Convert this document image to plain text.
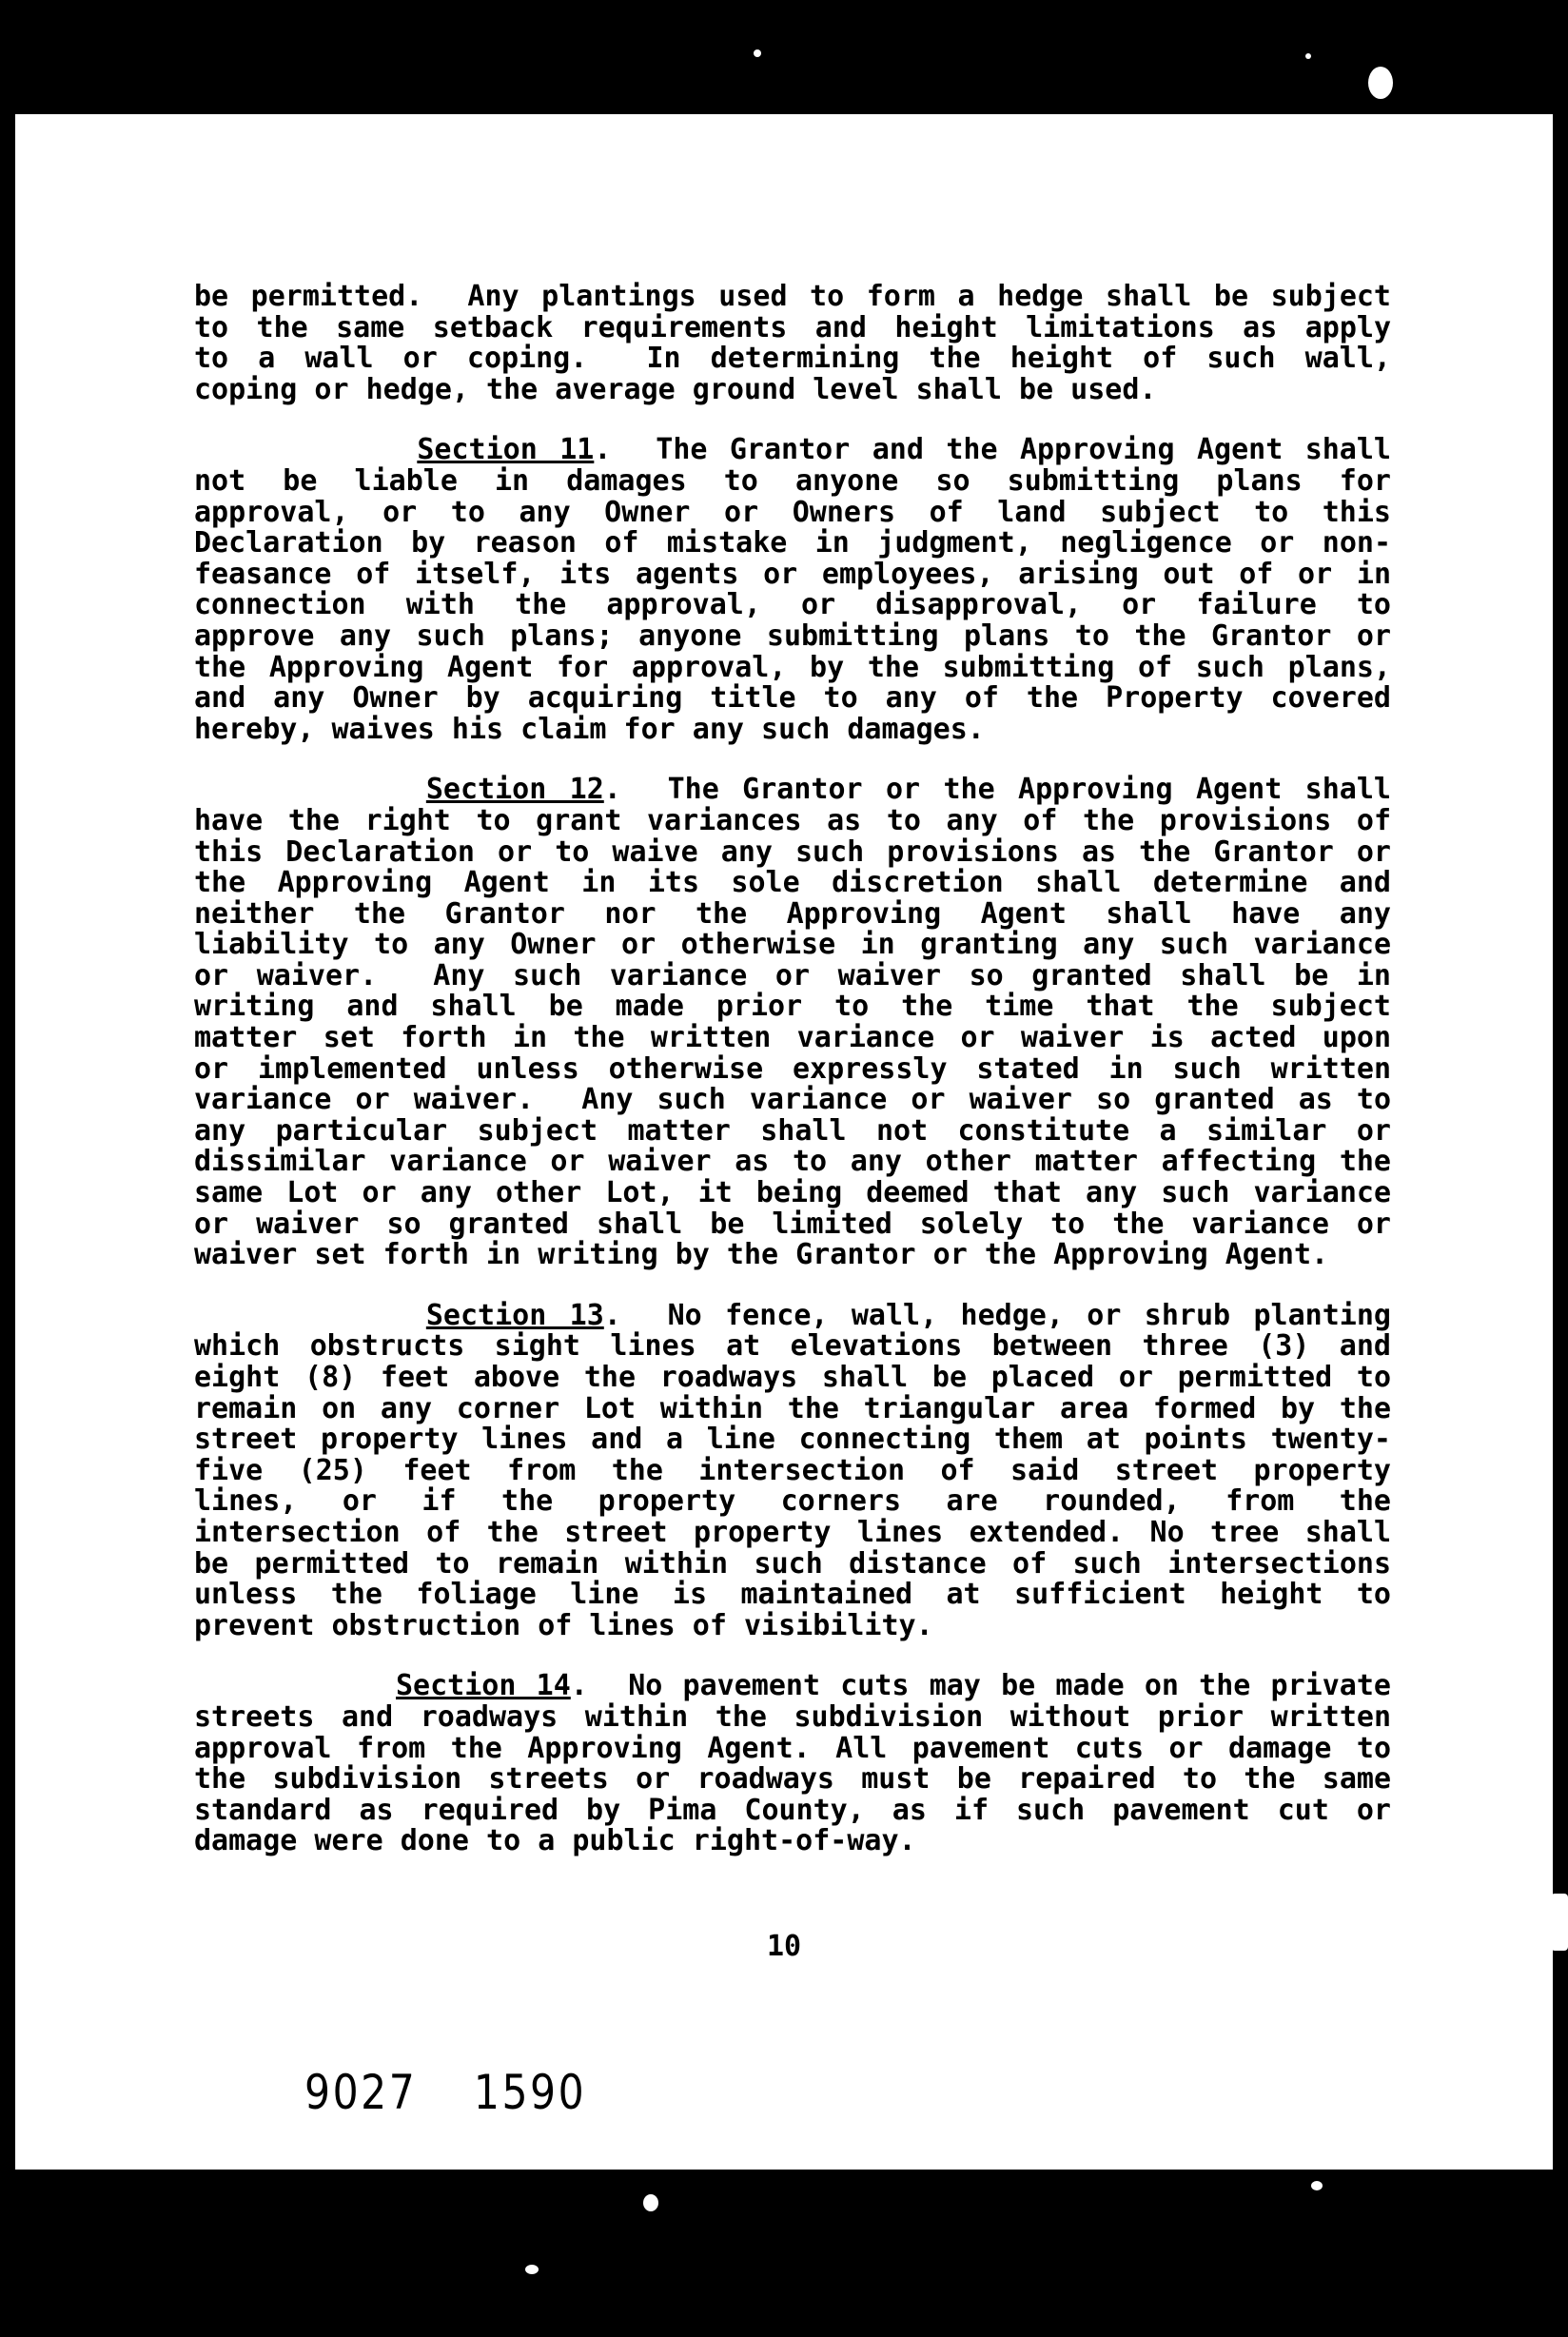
be permitted.  Any plantings used to form a hedge shall be subject
to the same setback requirements and height limitations as apply
to a wall or coping.  In determining the height of such wall,
coping or hedge, the average ground level shall be used.
Section 11.  The Grantor and the Approving Agent shall
not be liable in damages to anyone so submitting plans for
approval, or to any Owner or Owners of land subject to this
Declaration by reason of mistake in judgment, negligence or non-
feasance of itself, its agents or employees, arising out of or in
connection with the approval, or disapproval, or failure to
approve any such plans; anyone submitting plans to the Grantor or
the Approving Agent for approval, by the submitting of such plans,
and any Owner by acquiring title to any of the Property covered
hereby, waives his claim for any such damages.
Section 12.  The Grantor or the Approving Agent shall
have the right to grant variances as to any of the provisions of
this Declaration or to waive any such provisions as the Grantor or
the Approving Agent in its sole discretion shall determine and
neither the Grantor nor the Approving Agent shall have any
liability to any Owner or otherwise in granting any such variance
or waiver.  Any such variance or waiver so granted shall be in
writing and shall be made prior to the time that the subject
matter set forth in the written variance or waiver is acted upon
or implemented unless otherwise expressly stated in such written
variance or waiver.  Any such variance or waiver so granted as to
any particular subject matter shall not constitute a similar or
dissimilar variance or waiver as to any other matter affecting the
same Lot or any other Lot, it being deemed that any such variance
or waiver so granted shall be limited solely to the variance or
waiver set forth in writing by the Grantor or the Approving Agent.
Section 13.  No fence, wall, hedge, or shrub planting
which obstructs sight lines at elevations between three (3) and
eight (8) feet above the roadways shall be placed or permitted to
remain on any corner Lot within the triangular area formed by the
street property lines and a line connecting them at points twenty-
five (25) feet from the intersection of said street property
lines, or if the property corners are rounded, from the
intersection of the street property lines extended. No tree shall
be permitted to remain within such distance of such intersections
unless the foliage line is maintained at sufficient height to
prevent obstruction of lines of visibility.
Section 14.  No pavement cuts may be made on the private
streets and roadways within the subdivision without prior written
approval from the Approving Agent. All pavement cuts or damage to
the subdivision streets or roadways must be repaired to the same
standard as required by Pima County, as if such pavement cut or
damage were done to a public right-of-way.
10
9027 1590
